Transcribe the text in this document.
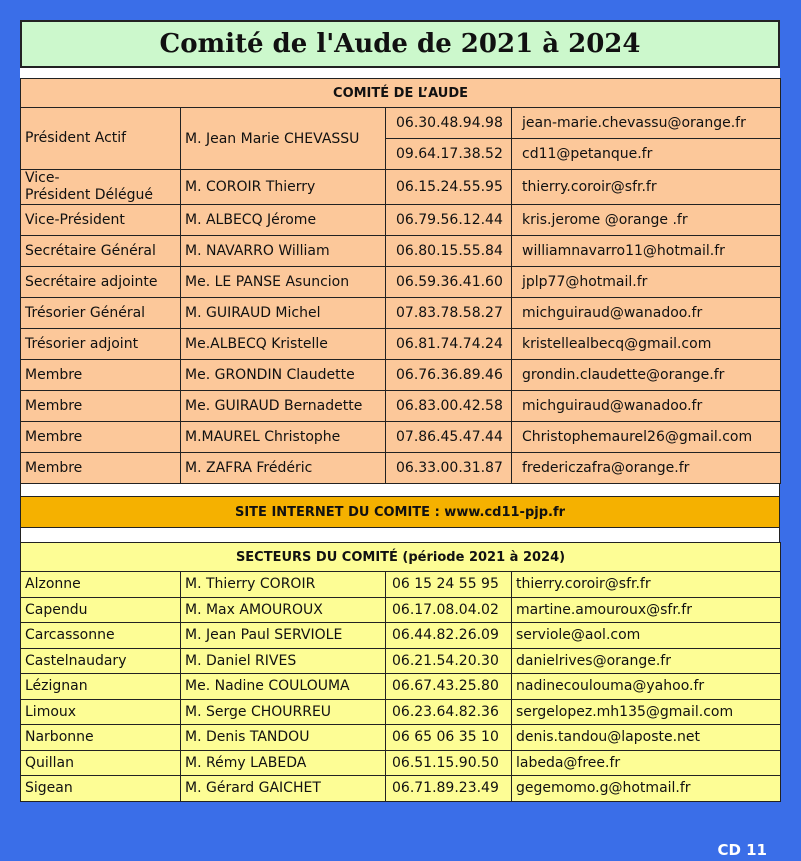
Comité de l'Aude de 2021 à 2024
COMITÉ DE L’AUDE			
Président Actif	M. Jean Marie CHEVASSU	06.30.48.94.98	jean-marie.chevassu@orange.fr
		09.64.17.38.52	cd11@petanque.fr
Vice-
Président Délégué	M. COROIR Thierry	06.15.24.55.95	thierry.coroir@sfr.fr
Vice-Président	M. ALBECQ Jérome	06.79.56.12.44	kris.jerome @orange .fr
Secrétaire Général	M. NAVARRO William	06.80.15.55.84	williamnavarro11@hotmail.fr
Secrétaire adjointe	Me. LE PANSE Asuncion	06.59.36.41.60	jplp77@hotmail.fr
Trésorier Général	M. GUIRAUD Michel	07.83.78.58.27	michguiraud@wanadoo.fr
Trésorier adjoint	Me.ALBECQ Kristelle	06.81.74.74.24	kristellealbecq@gmail.com
Membre	Me. GRONDIN Claudette	06.76.36.89.46	grondin.claudette@orange.fr
Membre	Me. GUIRAUD Bernadette	06.83.00.42.58	michguiraud@wanadoo.fr
Membre	M.MAUREL Christophe	07.86.45.47.44	Christophemaurel26@gmail.com
Membre	M. ZAFRA Frédéric	06.33.00.31.87	fredericzafra@orange.fr
SITE INTERNET DU COMITE : www.cd11-pjp.fr
SECTEURS DU COMITÉ (période 2021 à 2024)			
Alzonne	M. Thierry COROIR	06 15 24 55 95	thierry.coroir@sfr.fr
Capendu	M. Max AMOUROUX	06.17.08.04.02	martine.amouroux@sfr.fr
Carcassonne	M. Jean Paul SERVIOLE	06.44.82.26.09	serviole@aol.com
Castelnaudary	M. Daniel RIVES	06.21.54.20.30	danielrives@orange.fr
Lézignan	Me. Nadine COULOUMA	06.67.43.25.80	nadinecoulouma@yahoo.fr
Limoux	M. Serge CHOURREU	06.23.64.82.36	sergelopez.mh135@gmail.com
Narbonne	M. Denis TANDOU	06 65 06 35 10	denis.tandou@laposte.net
Quillan	M. Rémy LABEDA	06.51.15.90.50	labeda@free.fr
Sigean	M. Gérard GAICHET	06.71.89.23.49	gegemomo.g@hotmail.fr
CD 11
